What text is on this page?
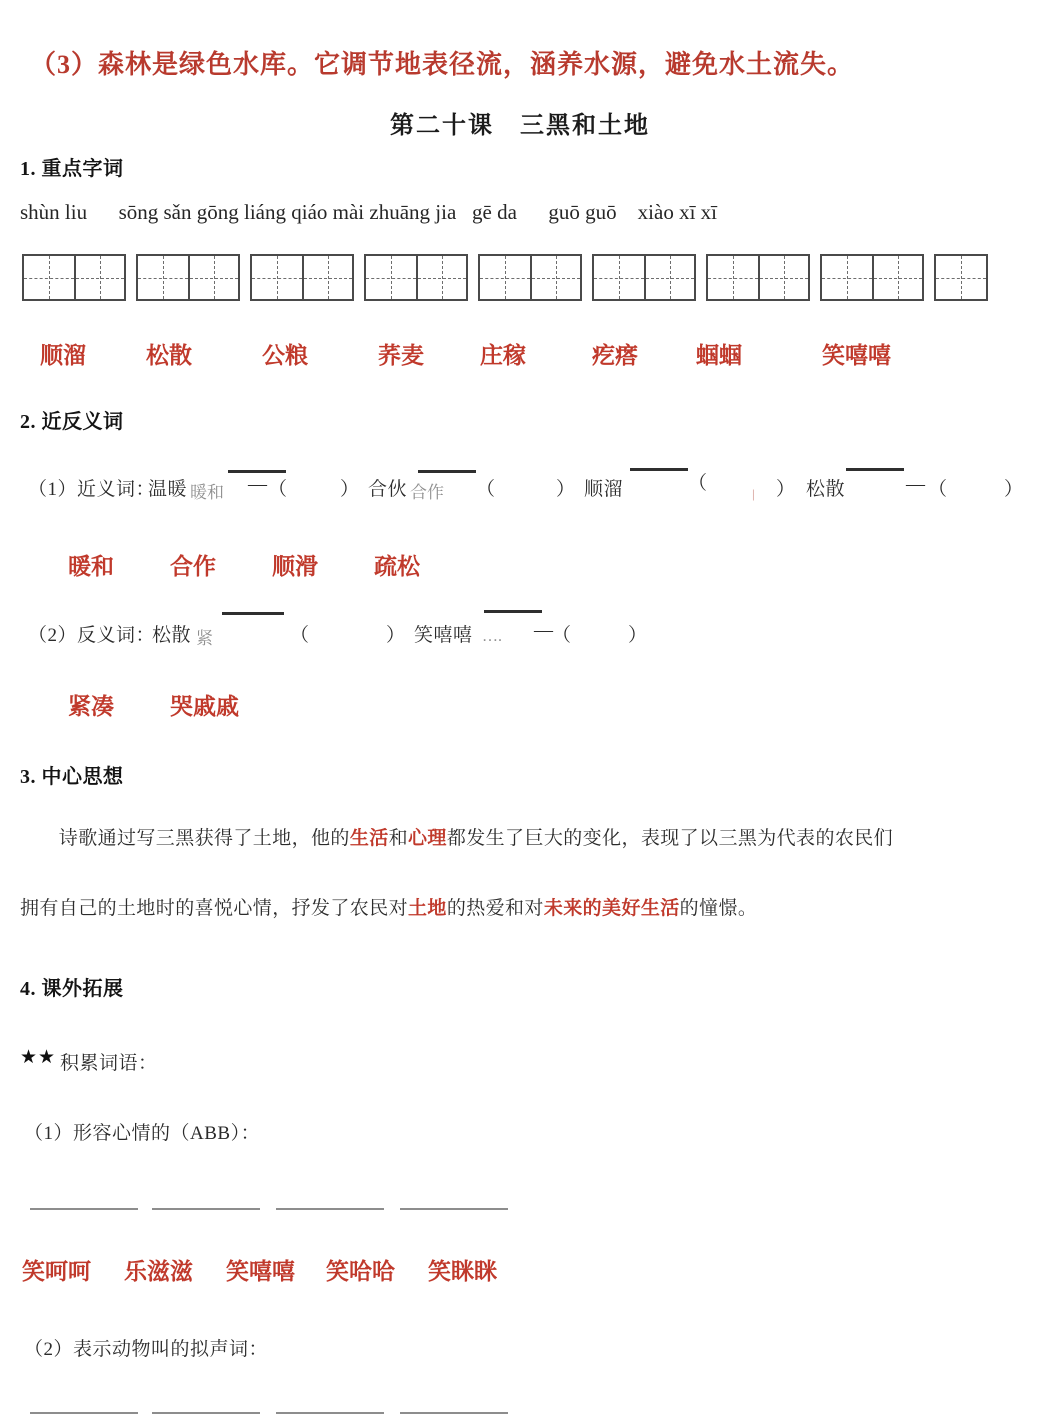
（3）森林是绿色水库。它调节地表径流，涵养水源，避免水土流失。
第二十课　三黑和土地
1. 重点字词
shùn liu      sōng sǎn gōng liáng qiáo mài zhuāng jia   gē da      guō guō    xiào xī xī
顺溜	松散	公粮	荞麦 庄稼	疙瘩	蝈蝈	笑嘻嘻
2. 近反义词
（1）近义词：
温暖 暖和 — （	） 合伙 合作 （	） 顺溜	（	| ） 松散	— （	）
暖和 合作 顺滑 疏松
（2）反义词：
松散 紧	（	） 笑嘻嘻 …. —
（	）
紧凑 哭戚戚
3. 中心思想
　　诗歌通过写三黑获得了土地，他的生活和心理都发生了巨大的变化，表现了以三黑为代表的农民们
拥有自己的土地时的喜悦心情，抒发了农民对土地的热爱和对未来的美好生活的憧憬。
4. 课外拓展
★★ 积累词语：
（1）形容心情的（ABB）：
笑呵呵 乐滋滋 笑嘻嘻 笑哈哈 笑眯眯
（2）表示动物叫的拟声词：
